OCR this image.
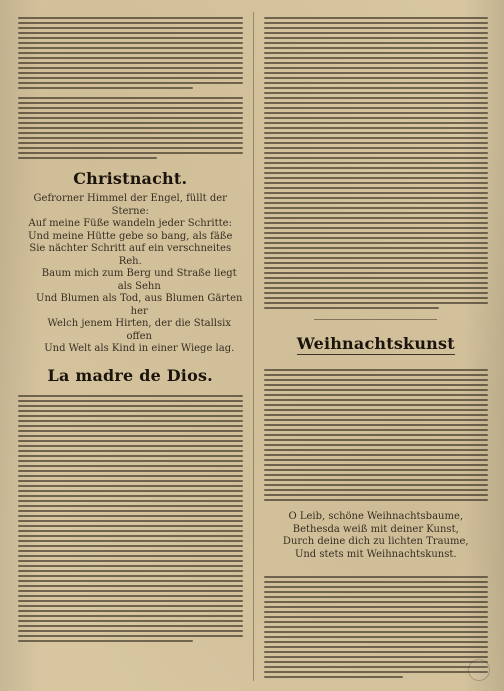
Christnacht.
Gefrorner Himmel der Engel, füllt der Sterne:
Auf meine Füße wandeln jeder Schritte:
Und meine Hütte gebe so bang, als fäße
Sie nächter Schritt auf ein verschneites Reh.
Baum mich zum Berg und Straße liegt als Sehn
Und Blumen als Tod, aus Blumen Gärten her
Welch jenem Hirten, der die Stallsix offen
Und Welt als Kind in einer Wiege lag.
La madre de Dios.
Weihnachtskunst
O Leib, schöne Weihnachtsbaume,
Bethesda weiß mit deiner Kunst,
Durch deine dich zu lichten Traume,
Und stets mit Weihnachtskunst.
